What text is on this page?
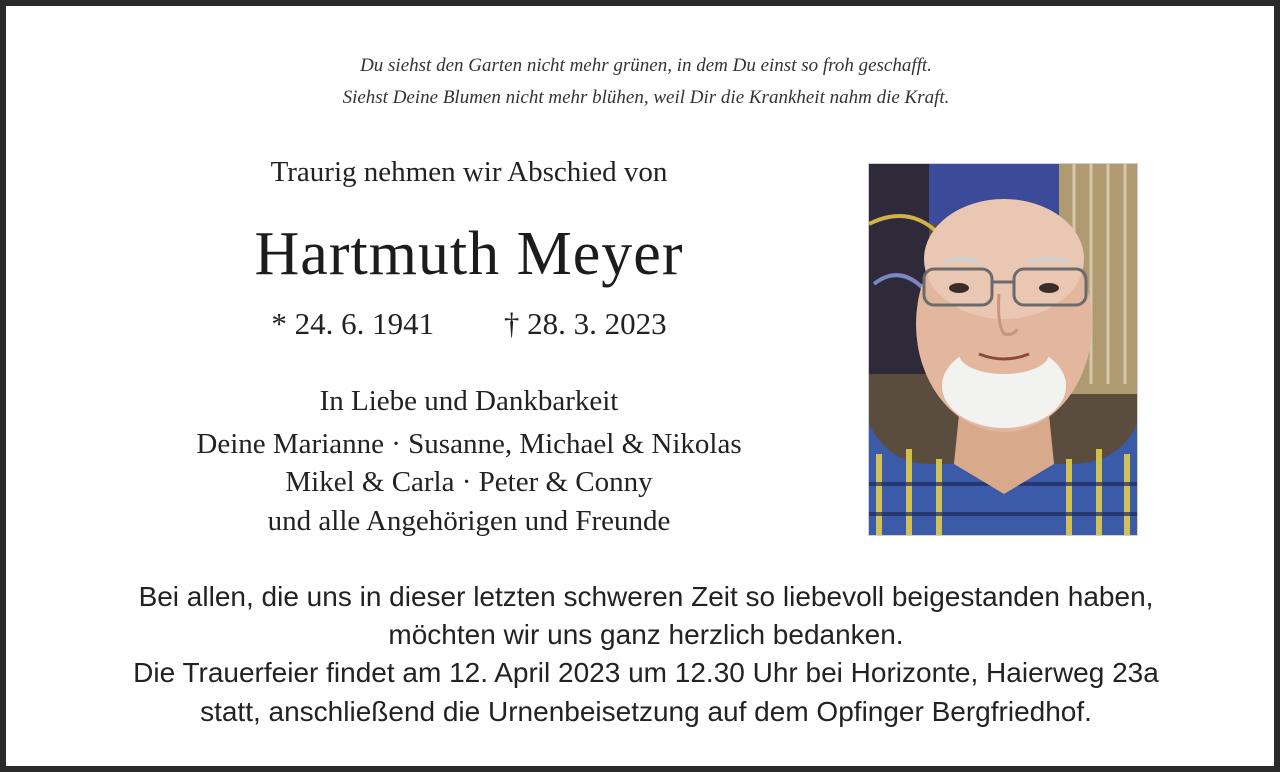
Du siehst den Garten nicht mehr grünen, in dem Du einst so froh geschafft.
Siehst Deine Blumen nicht mehr blühen, weil Dir die Krankheit nahm die Kraft.
Traurig nehmen wir Abschied von
Hartmuth Meyer
* 24. 6. 1941 † 28. 3. 2023
In Liebe und Dankbarkeit
Deine Marianne · Susanne, Michael & Nikolas
Mikel & Carla · Peter & Conny
und alle Angehörigen und Freunde
Bei allen, die uns in dieser letzten schweren Zeit so liebevoll beigestanden haben,
möchten wir uns ganz herzlich bedanken.
Die Trauerfeier findet am 12. April 2023 um 12.30 Uhr bei Horizonte, Haierweg 23a
statt, anschließend die Urnenbeisetzung auf dem Opfinger Bergfriedhof.
